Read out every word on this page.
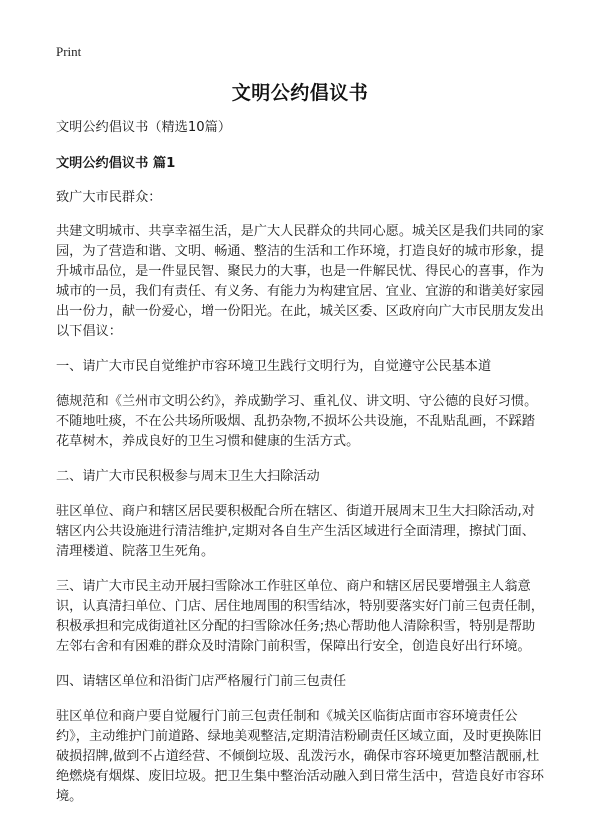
Print
文明公约倡议书

文明公约倡议书（精选10篇）

文明公约倡议书 篇1

致广大市民群众：

共建文明城市、共享幸福生活，是广大人民群众的共同心愿。城关区是我们共同的家园，为了营造和谐、文明、畅通、整洁的生活和工作环境，打造良好的城市形象，提升城市品位，是一件显民智、聚民力的大事，也是一件解民忧、得民心的喜事，作为城市的一员，我们有责任、有义务、有能力为构建宜居、宜业、宜游的和谐美好家园出一份力，献一份爱心，增一份阳光。在此，城关区委、区政府向广大市民朋友发出以下倡议：

一、请广大市民自觉维护市容环境卫生践行文明行为，自觉遵守公民基本道

德规范和《兰州市文明公约》，养成勤学习、重礼仪、讲文明、守公德的良好习惯。不随地吐痰，不在公共场所吸烟、乱扔杂物,不损坏公共设施，不乱贴乱画，不踩踏花草树木，养成良好的卫生习惯和健康的生活方式。

二、请广大市民积极参与周末卫生大扫除活动

驻区单位、商户和辖区居民要积极配合所在辖区、街道开展周末卫生大扫除活动,对辖区内公共设施进行清洁维护,定期对各自生产生活区域进行全面清理，擦拭门面、清理楼道、院落卫生死角。

三、请广大市民主动开展扫雪除冰工作驻区单位、商户和辖区居民要增强主人翁意识，认真清扫单位、门店、居住地周围的积雪结冰，特别要落实好门前三包责任制，积极承担和完成街道社区分配的扫雪除冰任务;热心帮助他人清除积雪，特别是帮助左邻右舍和有困难的群众及时清除门前积雪，保障出行安全，创造良好出行环境。

四、请辖区单位和沿街门店严格履行门前三包责任

驻区单位和商户要自觉履行门前三包责任制和《城关区临街店面市容环境责任公约》，主动维护门前道路、绿地美观整洁,定期清洁粉刷责任区域立面，及时更换陈旧破损招牌,做到不占道经营、不倾倒垃圾、乱泼污水，确保市容环境更加整洁靓丽,杜绝燃烧有烟煤、废旧垃圾。把卫生集中整治活动融入到日常生活中，营造良好市容环境。
